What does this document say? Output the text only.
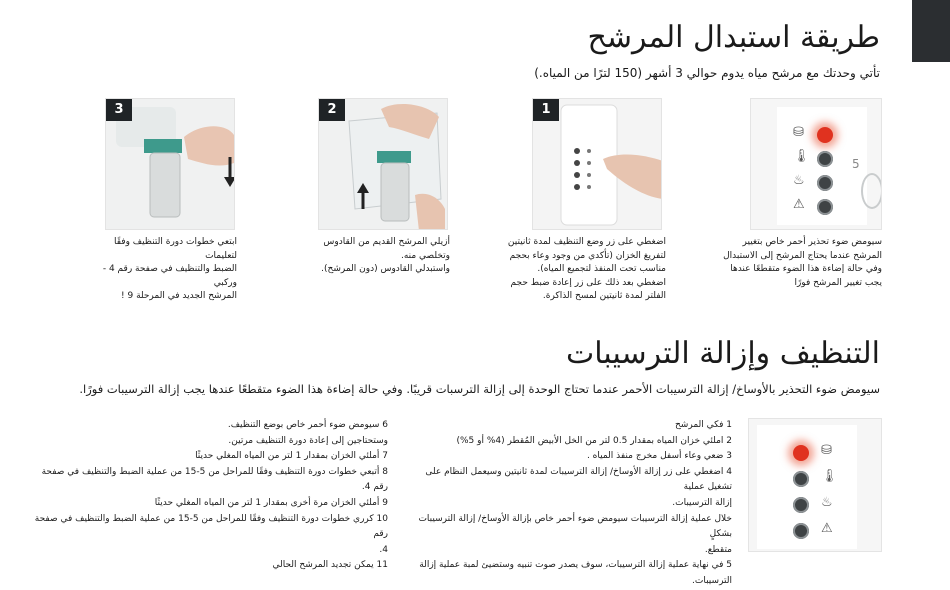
طريقة استبدال المرشح
تأتي وحدتك مع مرشح مياه يدوم حوالي 3 أشهر (150 لترًا من المياه.)
3	2	1
⛁
🌡
♨
⚠
5

ابتعي خطوات دورة التنظيف وفقًا لتعليمات

الضبط والتنظيف في صفحة رقم 4 - وركبي

المرشح الجديد في المرحلة 9 !

أزيلي المرشح القديم من القادوس

وتخلصي منه.

واستبدلي القادوس (دون المرشح).

اضغطي على زر وضع التنظيف لمدة ثانيتين

لتفريغ الخزان (تأكدي من وجود وعاء بحجم

مناسب تحت المنفذ لتجميع المياه).

اضغطي بعد ذلك على زر إعادة ضبط حجم

الفلتر لمدة ثانيتين لمسح الذاكرة.

سيومض ضوء تحذير أحمر خاص بتغيير

المرشح عندما يحتاج المرشح إلى الاستبدال

وفي حالة إضاءة هذا الضوء متقطعًا عندها

يجب تغيير المرشح فورًا

التنظيف وإزالة الترسيبات
سيومض ضوء التحذير بالأوساخ/ إزالة الترسيبات الأحمر عندما تحتاج الوحدة إلى إزالة الترسبات قريبًا. وفي حالة إضاءة هذا الضوء متقطعًا عندها يجب إزالة الترسيبات فورًا.

1 فكي المرشح

2 املئي خزان المياه بمقدار 0.5 لتر من الخل الأبيض المُقطر (4% أو 5%)

3 ضعي وعاء أسفل مخرج منفذ المياه .

4 اضغطي على زر إزالة الأوساخ/ إزالة الترسيبات لمدة ثانيتين وسيعمل النظام على تشغيل عملية

إزالة الترسيبات.

خلال عملية إزالة الترسيبات سيومض ضوء أحمر خاص بإزالة الأوساخ/ إزالة الترسيبات بشكلٍ

متقطع.

5 في نهاية عملية إزالة الترسيبات، سوف يصدر صوت تنبيه وستضيئ لمبة عملية إزالة الترسيبات.

6 سيومض ضوء أحمر خاص بوضع التنظيف.

وستحتاجين إلى إعادة دورة التنظيف مرتين.

7 أملئي الخزان بمقدار 1 لتر من المياه المغلي حديثًا

8 أتبعي خطوات دورة التنظيف وفقًا للمراحل من 5-15 من عملية الضبط والتنظيف في صفحة رقم 4.

9 أملئي الخزان مرة أخرى بمقدار 1 لتر من المياه المغلي حديثًا

10 كرري خطوات دورة التنظيف وفقًا للمراحل من 5-15 من عملية الضبط والتنظيف في صفحة رقم

4.

11 يمكن تجديد المرشح الحالي

⛁
🌡
♨
⚠
